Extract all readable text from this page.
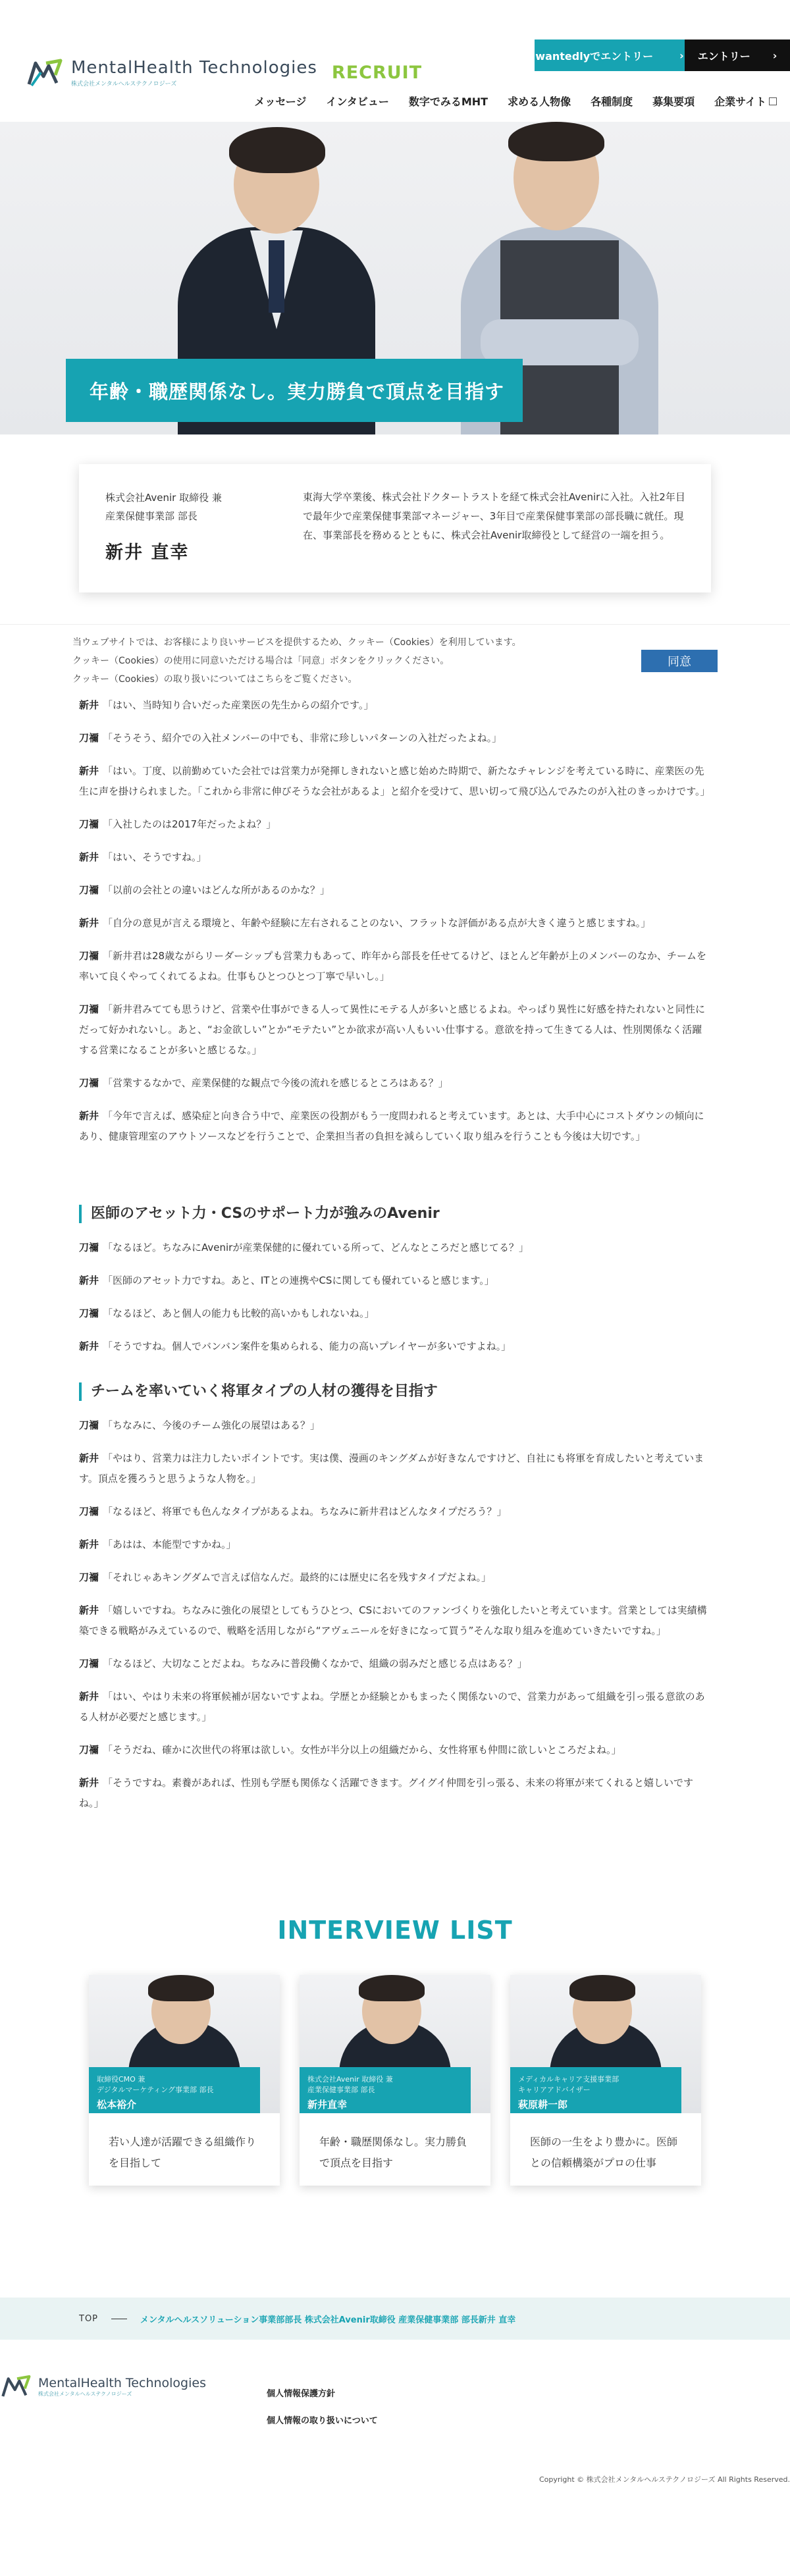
MentalHealth Technologies
株式会社メンタルヘルステクノロジーズ
RECRUIT
wantedlyでエントリー	› エントリー ›
メッセージ インタビュー 数字でみるMHT 求める人物像 各種制度 募集要項 企業サイト
年齢・職歴関係なし。実力勝負で頂点を目指す
株式会社Avenir 取締役 兼
産業保健事業部 部長
新井 直幸
東海大学卒業後、株式会社ドクタートラストを経て株式会社Avenirに入社。入社2年目で最年少で産業保健事業部マネージャー、3年目で産業保健事業部の部長職に就任。現在、事業部長を務めるとともに、株式会社Avenir取締役として経営の一端を担う。

当ウェブサイトでは、お客様により良いサービスを提供するため、クッキー（Cookies）を利用しています。

クッキー（Cookies）の使用に同意いただける場合は「同意」ボタンをクリックください。

クッキー（Cookies）の取り扱いについてはこちらをご覧ください。

同意

新井 「はい、当時知り合いだった産業医の先生からの紹介です。」

刀禰 「そうそう、紹介での入社メンバーの中でも、非常に珍しいパターンの入社だったよね。」

新井 「はい。丁度、以前勤めていた会社では営業力が発揮しきれないと感じ始めた時期で、新たなチャレンジを考えている時に、産業医の先生に声を掛けられました。「これから非常に伸びそうな会社があるよ」と紹介を受けて、思い切って飛び込んでみたのが入社のきっかけです。」

刀禰 「入社したのは2017年だったよね？」

新井 「はい、そうですね。」

刀禰 「以前の会社との違いはどんな所があるのかな？」

新井 「自分の意見が言える環境と、年齢や経験に左右されることのない、フラットな評価がある点が大きく違うと感じますね。」

刀禰 「新井君は28歳ながらリーダーシップも営業力もあって、昨年から部長を任せてるけど、ほとんど年齢が上のメンバーのなか、チームを率いて良くやってくれてるよね。仕事もひとつひとつ丁寧で早いし。」

刀禰 「新井君みてても思うけど、営業や仕事ができる人って異性にモテる人が多いと感じるよね。やっぱり異性に好感を持たれないと同性にだって好かれないし。あと、“お金欲しい”とか“モテたい”とか欲求が高い人もいい仕事する。意欲を持って生きてる人は、性別関係なく活躍する営業になることが多いと感じるな。」

刀禰 「営業するなかで、産業保健的な観点で今後の流れを感じるところはある？」

新井 「今年で言えば、感染症と向き合う中で、産業医の役割がもう一度問われると考えています。あとは、大手中心にコストダウンの傾向にあり、健康管理室のアウトソースなどを行うことで、企業担当者の負担を減らしていく取り組みを行うことも今後は大切です。」

医師のアセット力・CSのサポート力が強みのAvenir

刀禰 「なるほど。ちなみにAvenirが産業保健的に優れている所って、どんなところだと感じてる？」

新井 「医師のアセット力ですね。あと、ITとの連携やCSに関しても優れていると感じます。」

刀禰 「なるほど、あと個人の能力も比較的高いかもしれないね。」

新井 「そうですね。個人でバンバン案件を集められる、能力の高いプレイヤーが多いですよね。」

チームを率いていく将軍タイプの人材の獲得を目指す

刀禰 「ちなみに、今後のチーム強化の展望はある？」

新井 「やはり、営業力は注力したいポイントです。実は僕、漫画のキングダムが好きなんですけど、自社にも将軍を育成したいと考えています。頂点を獲ろうと思うような人物を。」

刀禰 「なるほど、将軍でも色んなタイプがあるよね。ちなみに新井君はどんなタイプだろう？」

新井 「あはは、本能型ですかね。」

刀禰 「それじゃあキングダムで言えば信なんだ。最終的には歴史に名を残すタイプだよね。」

新井 「嬉しいですね。ちなみに強化の展望としてもうひとつ、CSにおいてのファンづくりを強化したいと考えています。営業としては実績構築できる戦略がみえているので、戦略を活用しながら“アヴェニールを好きになって買う”そんな取り組みを進めていきたいですね。」

刀禰 「なるほど、大切なことだよね。ちなみに普段働くなかで、組織の弱みだと感じる点はある？」

新井 「はい、やはり未来の将軍候補が居ないですよね。学歴とか経験とかもまったく関係ないので、営業力があって組織を引っ張る意欲のある人材が必要だと感じます。」

刀禰 「そうだね、確かに次世代の将軍は欲しい。女性が半分以上の組織だから、女性将軍も仲間に欲しいところだよね。」

新井 「そうですね。素養があれば、性別も学歴も関係なく活躍できます。グイグイ仲間を引っ張る、未来の将軍が来てくれると嬉しいですね。」

INTERVIEW LIST
取締役CMO 兼
デジタルマーケティング事業部 部長
松本裕介
若い人達が活躍できる組織作りを目指して
株式会社Avenir 取締役 兼
産業保健事業部 部長
新井直幸
年齢・職歴関係なし。実力勝負で頂点を目指す
メディカルキャリア支援事業部
キャリアアドバイザー
萩原耕一郎
医師の一生をより豊かに。医師との信頼構築がプロの仕事
TOP	メンタルヘルスソリューション事業部部長 株式会社Avenir取締役 産業保健事業部 部長新井 直幸
MentalHealth Technologies
株式会社メンタルヘルステクノロジーズ	個人情報保護方針
個人情報の取り扱いについて
Copyright © 株式会社メンタルヘルステクノロジーズ All Rights Reserved.
